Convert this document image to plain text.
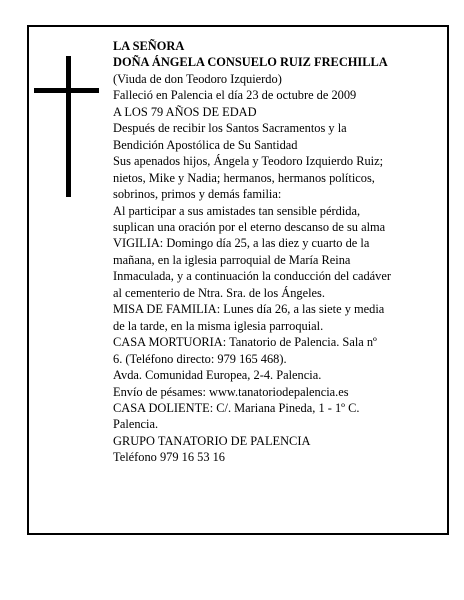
LA SEÑORA

DOÑA ÁNGELA CONSUELO RUIZ FRECHILLA

(Viuda de don Teodoro Izquierdo)

Falleció en Palencia el día 23 de octubre de 2009

A LOS 79 AÑOS DE EDAD

Después de recibir los Santos Sacramentos y la

Bendición Apostólica de Su Santidad

Sus apenados hijos, Ángela y Teodoro Izquierdo Ruiz;

nietos, Mike y Nadia; hermanos, hermanos políticos,

sobrinos, primos y demás familia:

Al participar a sus amistades tan sensible pérdida,

suplican una oración por el eterno descanso de su alma

VIGILIA: Domingo día 25, a las diez y cuarto de la

mañana, en la iglesia parroquial de María Reina

Inmaculada, y a continuación la conducción del cadáver

al cementerio de Ntra. Sra. de los Ángeles.

MISA DE FAMILIA: Lunes día 26, a las siete y media

de la tarde, en la misma iglesia parroquial.

CASA MORTUORIA: Tanatorio de Palencia. Sala nº

6. (Teléfono directo: 979 165 468).

Avda. Comunidad Europea, 2-4. Palencia.

Envío de pésames: www.tanatoriodepalencia.es

CASA DOLIENTE: C/. Mariana Pineda, 1 - 1º C.

Palencia.

GRUPO TANATORIO DE PALENCIA

Teléfono 979 16 53 16
